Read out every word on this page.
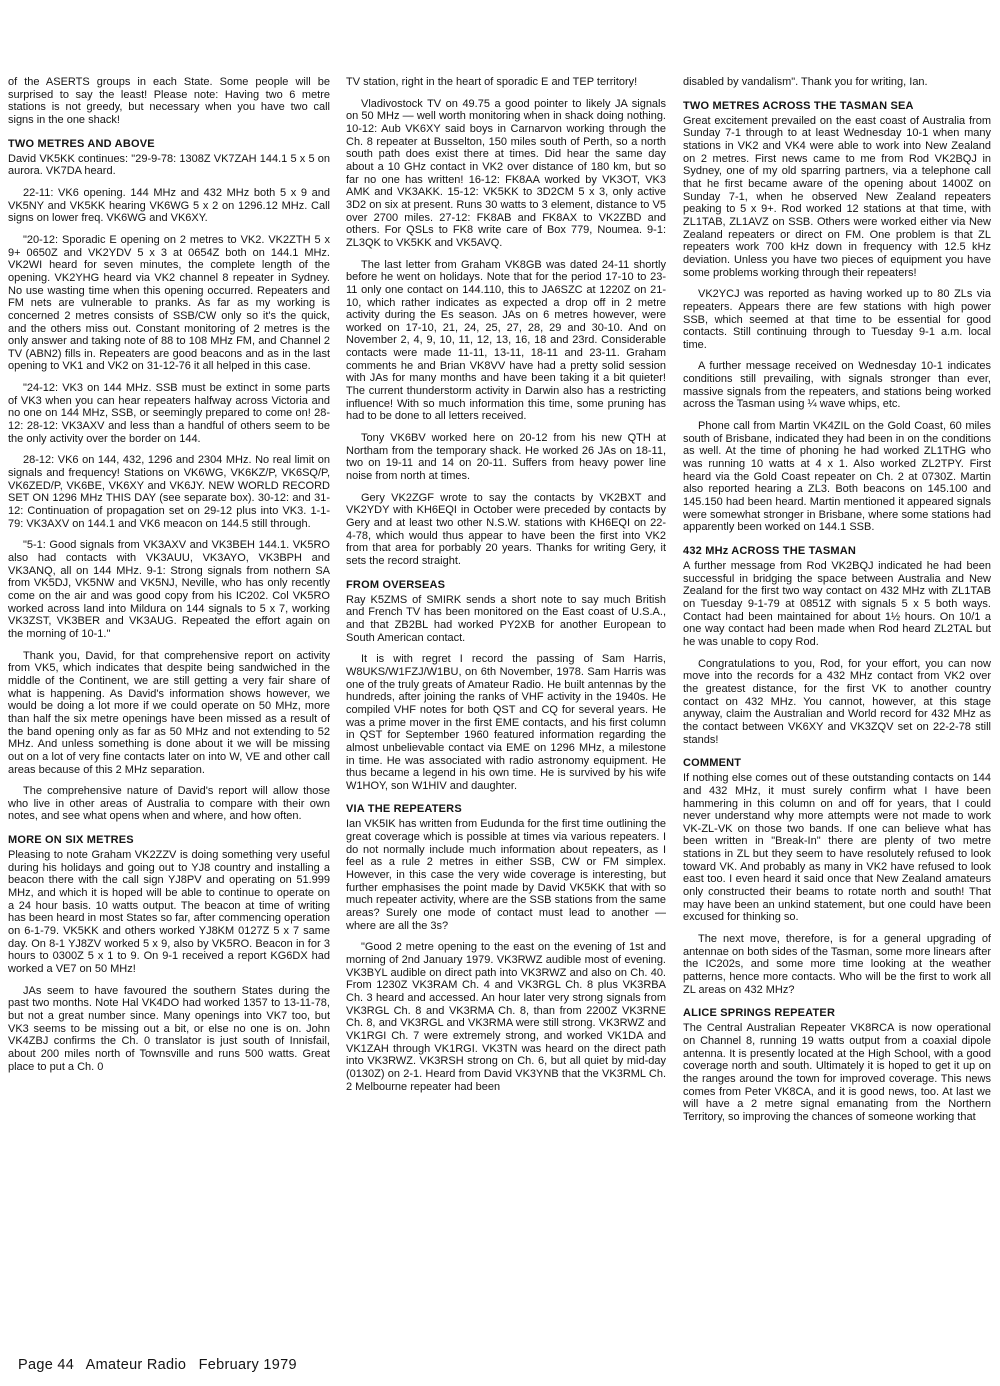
of the ASERTS groups in each State. Some people will be surprised to say the least! Please note: Having two 6 metre stations is not greedy, but necessary when you have two call signs in the one shack!

TWO METRES AND ABOVE

David VK5KK continues: "29-9-78: 1308Z VK7ZAH 144.1 5 x 5 on aurora. VK7DA heard.

22-11: VK6 opening. 144 MHz and 432 MHz both 5 x 9 and VK5NY and VK5KK hearing VK6WG 5 x 2 on 1296.12 MHz. Call signs on lower freq. VK6WG and VK6XY.

"20-12: Sporadic E opening on 2 metres to VK2. VK2ZTH 5 x 9+ 0650Z and VK2YDV 5 x 3 at 0654Z both on 144.1 MHz. VK2WI heard for seven minutes, the complete length of the opening. VK2YHG heard via VK2 channel 8 repeater in Sydney. No use wasting time when this opening occurred. Repeaters and FM nets are vulnerable to pranks. As far as my working is concerned 2 metres consists of SSB/CW only so it's the quick, and the others miss out. Constant monitoring of 2 metres is the only answer and taking note of 88 to 108 MHz FM, and Channel 2 TV (ABN2) fills in. Repeaters are good beacons and as in the last opening to VK1 and VK2 on 31-12-76 it all helped in this case.

"24-12: VK3 on 144 MHz. SSB must be extinct in some parts of VK3 when you can hear repeaters halfway across Victoria and no one on 144 MHz, SSB, or seemingly prepared to come on! 28-12: 28-12: VK3AXV and less than a handful of others seem to be the only activity over the border on 144.

28-12: VK6 on 144, 432, 1296 and 2304 MHz. No real limit on signals and frequency! Stations on VK6WG, VK6KZ/P, VK6SQ/P, VK6ZED/P, VK6BE, VK6XY and VK6JY. NEW WORLD RECORD SET ON 1296 MHz THIS DAY (see separate box). 30-12: and 31-12: Continuation of propagation set on 29-12 plus into VK3. 1-1-79: VK3AXV on 144.1 and VK6 meacon on 144.5 still through.

"5-1: Good signals from VK3AXV and VK3BEH 144.1. VK5RO also had contacts with VK3AUU, VK3AYO, VK3BPH and VK3ANQ, all on 144 MHz. 9-1: Strong signals from nothern SA from VK5DJ, VK5NW and VK5NJ, Neville, who has only recently come on the air and was good copy from his IC202. Col VK5RO worked across land into Mildura on 144 signals to 5 x 7, working VK3ZST, VK3BER and VK3AUG. Repeated the effort again on the morning of 10-1."

Thank you, David, for that comprehensive report on activity from VK5, which indicates that despite being sandwiched in the middle of the Continent, we are still getting a very fair share of what is happening. As David's information shows however, we would be doing a lot more if we could operate on 50 MHz, more than half the six metre openings have been missed as a result of the band opening only as far as 50 MHz and not extending to 52 MHz. And unless something is done about it we will be missing out on a lot of very fine contacts later on into W, VE and other call areas because of this 2 MHz separation.

The comprehensive nature of David's report will allow those who live in other areas of Australia to compare with their own notes, and see what opens when and where, and how often.

MORE ON SIX METRES

Pleasing to note Graham VK2ZZV is doing something very useful during his holidays and going out to YJ8 country and installing a beacon there with the call sign YJ8PV and operating on 51.999 MHz, and which it is hoped will be able to continue to operate on a 24 hour basis. 10 watts output. The beacon at time of writing has been heard in most States so far, after commencing operation on 6-1-79. VK5KK and others worked YJ8KM 0127Z 5 x 7 same day. On 8-1 YJ8ZV worked 5 x 9, also by VK5RO. Beacon in for 3 hours to 0300Z 5 x 1 to 9. On 9-1 received a report KG6DX had worked a VE7 on 50 MHz!

JAs seem to have favoured the southern States during the past two months. Note Hal VK4DO had worked 1357 to 13-11-78, but not a great number since. Many openings into VK7 too, but VK3 seems to be missing out a bit, or else no one is on. John VK4ZBJ confirms the Ch. 0 translator is just south of Innisfail, about 200 miles north of Townsville and runs 500 watts. Great place to put a Ch. 0

TV station, right in the heart of sporadic E and TEP territory!

Vladivostock TV on 49.75 a good pointer to likely JA signals on 50 MHz — well worth monitoring when in shack doing nothing. 10-12: Aub VK6XY said boys in Carnarvon working through the Ch. 8 repeater at Busselton, 150 miles south of Perth, so a north south path does exist there at times. Did hear the same day about a 10 GHz contact in VK2 over distance of 180 km, but so far no one has written! 16-12: FK8AA worked by VK3OT, VK3 AMK and VK3AKK. 15-12: VK5KK to 3D2CM 5 x 3, only active 3D2 on six at present. Runs 30 watts to 3 element, distance to V5 over 2700 miles. 27-12: FK8AB and FK8AX to VK2ZBD and others. For QSLs to FK8 write care of Box 779, Noumea. 9-1: ZL3QK to VK5KK and VK5AVQ.

The last letter from Graham VK8GB was dated 24-11 shortly before he went on holidays. Note that for the period 17-10 to 23-11 only one contact on 144.110, this to JA6SZC at 1220Z on 21-10, which rather indicates as expected a drop off in 2 metre activity during the Es season. JAs on 6 metres however, were worked on 17-10, 21, 24, 25, 27, 28, 29 and 30-10. And on November 2, 4, 9, 10, 11, 12, 13, 16, 18 and 23rd. Considerable contacts were made 11-11, 13-11, 18-11 and 23-11. Graham comments he and Brian VK8VV have had a pretty solid session with JAs for many months and have been taking it a bit quieter! The current thunderstorm activity in Darwin also has a restricting influence! With so much information this time, some pruning has had to be done to all letters received.

Tony VK6BV worked here on 20-12 from his new QTH at Northam from the temporary shack. He worked 26 JAs on 18-11, two on 19-11 and 14 on 20-11. Suffers from heavy power line noise from north at times.

Gery VK2ZGF wrote to say the contacts by VK2BXT and VK2YDY with KH6EQI in October were preceded by contacts by Gery and at least two other N.S.W. stations with KH6EQI on 22-4-78, which would thus appear to have been the first into VK2 from that area for porbably 20 years. Thanks for writing Gery, it sets the record straight.

FROM OVERSEAS

Ray K5ZMS of SMIRK sends a short note to say much British and French TV has been monitored on the East coast of U.S.A., and that ZB2BL had worked PY2XB for another European to South American contact.

It is with regret I record the passing of Sam Harris, W8UKS/W1FZJ/W1BU, on 6th November, 1978. Sam Harris was one of the truly greats of Amateur Radio. He built antennas by the hundreds, after joining the ranks of VHF activity in the 1940s. He compiled VHF notes for both QST and CQ for several years. He was a prime mover in the first EME contacts, and his first column in QST for September 1960 featured information regarding the almost unbelievable contact via EME on 1296 MHz, a milestone in time. He was associated with radio astronomy equipment. He thus became a legend in his own time. He is survived by his wife W1HOY, son W1HIV and daughter.

VIA THE REPEATERS

Ian VK5IK has written from Eudunda for the first time outlining the great coverage which is possible at times via various repeaters. I do not normally include much information about repeaters, as I feel as a rule 2 metres in either SSB, CW or FM simplex. However, in this case the very wide coverage is interesting, but further emphasises the point made by David VK5KK that with so much repeater activity, where are the SSB stations from the same areas? Surely one mode of contact must lead to another — where are all the 3s?

"Good 2 metre opening to the east on the evening of 1st and morning of 2nd January 1979. VK3RWZ audible most of evening. VK3BYL audible on direct path into VK3RWZ and also on Ch. 40. From 1230Z VK3RAM Ch. 4 and VK3RGL Ch. 8 plus VK3RBA Ch. 3 heard and accessed. An hour later very strong signals from VK3RGL Ch. 8 and VK3RMA Ch. 8, than from 2200Z VK3RNE Ch. 8, and VK3RGL and VK3RMA were still strong. VK3RWZ and VK1RGI Ch. 7 were extremely strong, and worked VK1DA and VK1ZAH through VK1RGI. VK3TN was heard on the direct path into VK3RWZ. VK3RSH strong on Ch. 6, but all quiet by mid-day (0130Z) on 2-1. Heard from David VK3YNB that the VK3RML Ch. 2 Melbourne repeater had been

disabled by vandalism". Thank you for writing, Ian.

TWO METRES ACROSS THE TASMAN SEA

Great excitement prevailed on the east coast of Australia from Sunday 7-1 through to at least Wednesday 10-1 when many stations in VK2 and VK4 were able to work into New Zealand on 2 metres. First news came to me from Rod VK2BQJ in Sydney, one of my old sparring partners, via a telephone call that he first became aware of the opening about 1400Z on Sunday 7-1, when he observed New Zealand repeaters peaking to 5 x 9+. Rod worked 12 stations at that time, with ZL1TAB, ZL1AVZ on SSB. Others were worked either via New Zealand repeaters or direct on FM. One problem is that ZL repeaters work 700 kHz down in frequency with 12.5 kHz deviation. Unless you have two pieces of equipment you have some problems working through their repeaters!

VK2YCJ was reported as having worked up to 80 ZLs via repeaters. Appears there are few stations with high power SSB, which seemed at that time to be essential for good contacts. Still continuing through to Tuesday 9-1 a.m. local time.

A further message received on Wednesday 10-1 indicates conditions still prevailing, with signals stronger than ever, massive signals from the repeaters, and stations being worked across the Tasman using ¼ wave whips, etc.

Phone call from Martin VK4ZIL on the Gold Coast, 60 miles south of Brisbane, indicated they had been in on the conditions as well. At the time of phoning he had worked ZL1THG who was running 10 watts at 4 x 1. Also worked ZL2TPY. First heard via the Gold Coast repeater on Ch. 2 at 0730Z. Martin also reported hearing a ZL3. Both beacons on 145.100 and 145.150 had been heard. Martin mentioned it appeared signals were somewhat stronger in Brisbane, where some stations had apparently been worked on 144.1 SSB.

432 MHz ACROSS THE TASMAN

A further message from Rod VK2BQJ indicated he had been successful in bridging the space between Australia and New Zealand for the first two way contact on 432 MHz with ZL1TAB on Tuesday 9-1-79 at 0851Z with signals 5 x 5 both ways. Contact had been maintained for about 1½ hours. On 10/1 a one way contact had been made when Rod heard ZL2TAL but he was unable to copy Rod.

Congratulations to you, Rod, for your effort, you can now move into the records for a 432 MHz contact from VK2 over the greatest distance, for the first VK to another country contact on 432 MHz. You cannot, however, at this stage anyway, claim the Australian and World record for 432 MHz as the contact between VK6XY and VK3ZQV set on 22-2-78 still stands!

COMMENT

If nothing else comes out of these outstanding contacts on 144 and 432 MHz, it must surely confirm what I have been hammering in this column on and off for years, that I could never understand why more attempts were not made to work VK-ZL-VK on those two bands. If one can believe what has been written in "Break-In" there are plenty of two metre stations in ZL but they seem to have resolutely refused to look toward VK. And probably as many in VK2 have refused to look east too. I even heard it said once that New Zealand amateurs only constructed their beams to rotate north and south! That may have been an unkind statement, but one could have been excused for thinking so.

The next move, therefore, is for a general upgrading of antennae on both sides of the Tasman, some more linears after the IC202s, and some more time looking at the weather patterns, hence more contacts. Who will be the first to work all ZL areas on 432 MHz?

ALICE SPRINGS REPEATER

The Central Australian Repeater VK8RCA is now operational on Channel 8, running 19 watts output from a coaxial dipole antenna. It is presently located at the High School, with a good coverage north and south. Ultimately it is hoped to get it up on the ranges around the town for improved coverage. This news comes from Peter VK8CA, and it is good news, too. At last we will have a 2 metre signal emanating from the Northern Territory, so improving the chances of someone working that

Page 44 Amateur Radio February 1979
